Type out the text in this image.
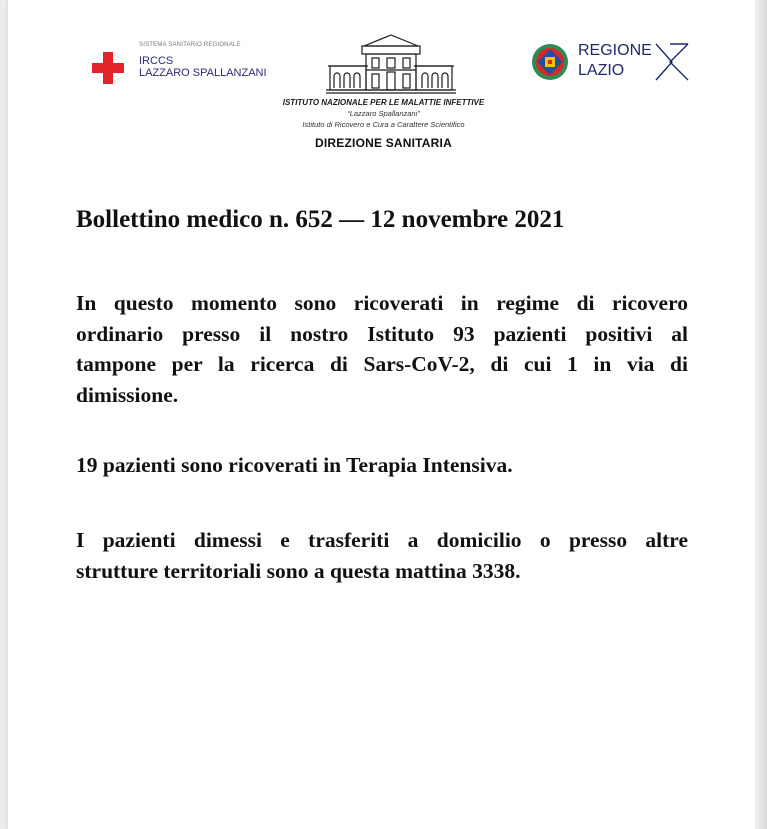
SISTEMA SANITARIO REGIONALE
IRCCS
LAZZARO SPALLANZANI
ISTITUTO NAZIONALE PER LE MALATTIE INFETTIVE
“Lazzaro Spallanzani”
Istituto di Ricovero e Cura a Carattere Scientifico
DIREZIONE SANITARIA
REGIONE
LAZIO
Bollettino medico n. 652 — 12 novembre 2021
In questo momento sono ricoverati in regime di ricovero
ordinario presso il nostro Istituto 93 pazienti positivi al
tampone per la ricerca di Sars-CoV-2, di cui 1 in via di
dimissione.
19 pazienti sono ricoverati in Terapia Intensiva.
I pazienti dimessi e trasferiti a domicilio o presso altre
strutture territoriali sono a questa mattina 3338.
